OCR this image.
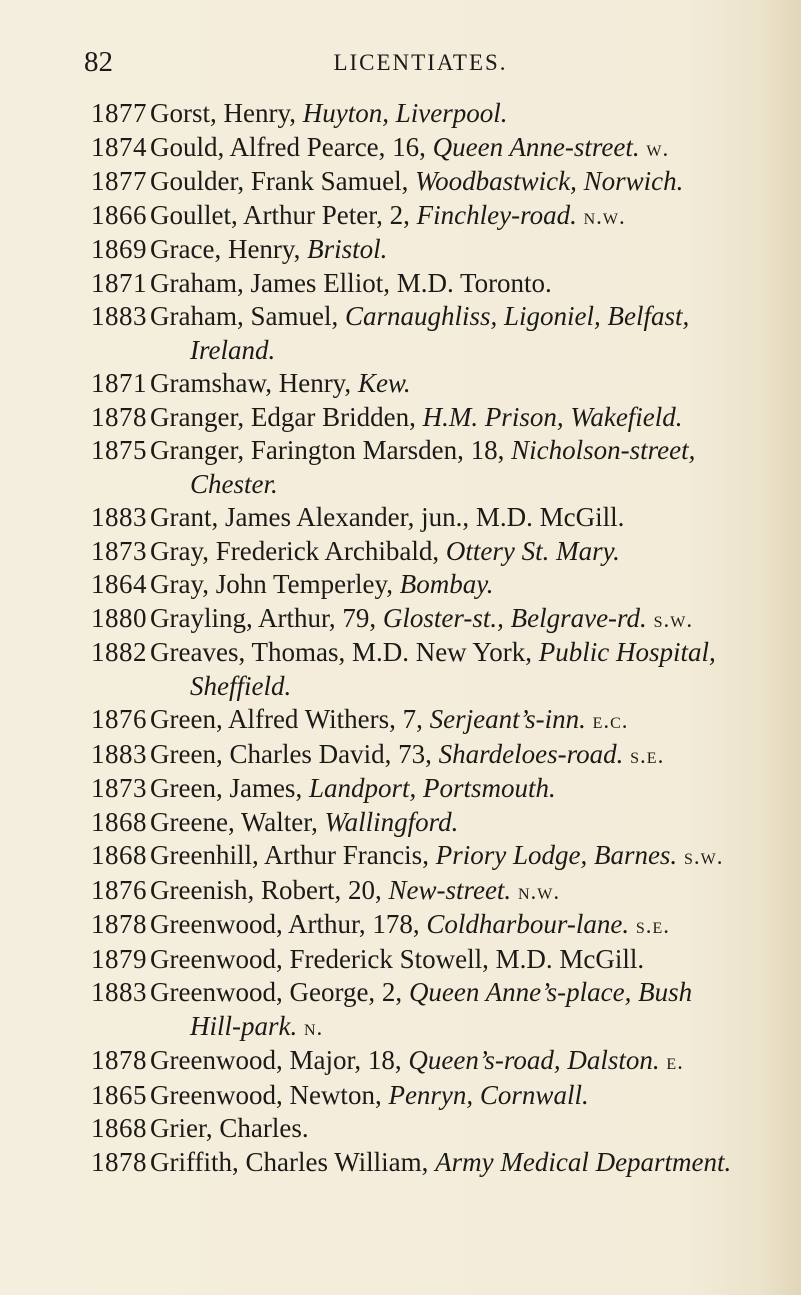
82	LICENTIATES.
1877 Gorst, Henry, Huyton, Liverpool.
1874 Gould, Alfred Pearce, 16, Queen Anne-street. w.
1877 Goulder, Frank Samuel, Woodbastwick, Norwich.
1866 Goullet, Arthur Peter, 2, Finchley-road. n.w.
1869 Grace, Henry, Bristol.
1871 Graham, James Elliot, M.D. Toronto.
1883 Graham, Samuel, Carnaughliss, Ligoniel, Belfast,
Ireland.
1871 Gramshaw, Henry, Kew.
1878 Granger, Edgar Bridden, H.M. Prison, Wakefield.
1875 Granger, Farington Marsden, 18, Nicholson-street,
Chester.
1883 Grant, James Alexander, jun., M.D. McGill.
1873 Gray, Frederick Archibald, Ottery St. Mary.
1864 Gray, John Temperley, Bombay.
1880 Grayling, Arthur, 79, Gloster-st., Belgrave-rd. s.w.
1882 Greaves, Thomas, M.D. New York, Public Hospital,
Sheffield.
1876 Green, Alfred Withers, 7, Serjeant’s-inn. e.c.
1883 Green, Charles David, 73, Shardeloes-road. s.e.
1873 Green, James, Landport, Portsmouth.
1868 Greene, Walter, Wallingford.
1868 Greenhill, Arthur Francis, Priory Lodge, Barnes. s.w.
1876 Greenish, Robert, 20, New-street. n.w.
1878 Greenwood, Arthur, 178, Coldharbour-lane. s.e.
1879 Greenwood, Frederick Stowell, M.D. McGill.
1883 Greenwood, George, 2, Queen Anne’s-place, Bush
Hill-park. n.
1878 Greenwood, Major, 18, Queen’s-road, Dalston. e.
1865 Greenwood, Newton, Penryn, Cornwall.
1868 Grier, Charles.
1878 Griffith, Charles William, Army Medical Department.
